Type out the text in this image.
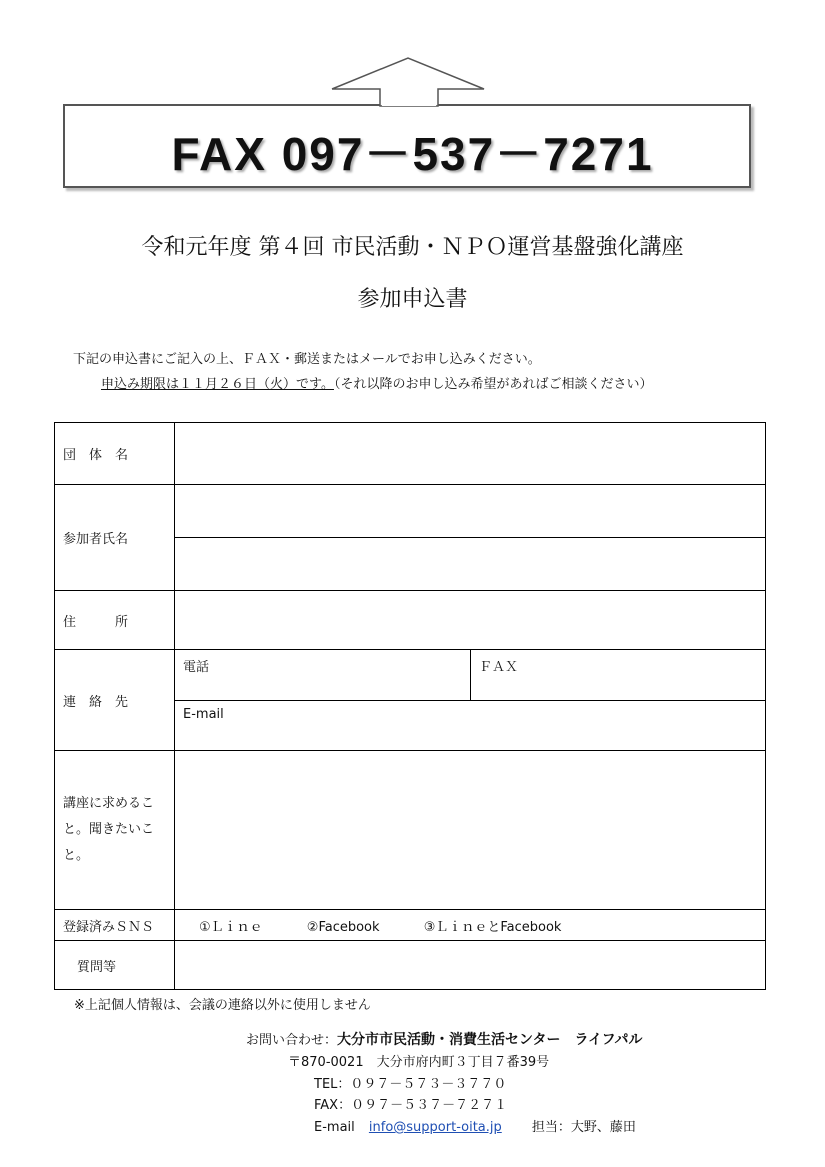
FAX 097－537－7271
令和元年度 第４回 市民活動・ＮＰＯ運営基盤強化講座
参加申込書
下記の申込書にご記入の上、ＦＡＸ・郵送またはメールでお申し込みください。
申込み期限は１１月２６日（火）です。（それ以降のお申し込み希望があればご相談ください）
団　体　名		
参加者氏名		

住　　　所		
連　絡　先	電話	ＦＡＸ
	E-mail	
講座に求めること。聞きたいこと。		
登録済みＳＮＳ	①Ｌｉｎｅ ②Facebook ③ＬｉｎｅとFacebook	
質問等		
※上記個人情報は、会議の連絡以外に使用しません
お問い合わせ：大分市市民活動・消費生活センター　ライフパル
〒870-0021　大分市府内町３丁目７番39号
TEL：０９７－５７３－３７７０
FAX：０９７－５３７－７２７１
E-mail info@support-oita.jp 担当：大野、藤田
